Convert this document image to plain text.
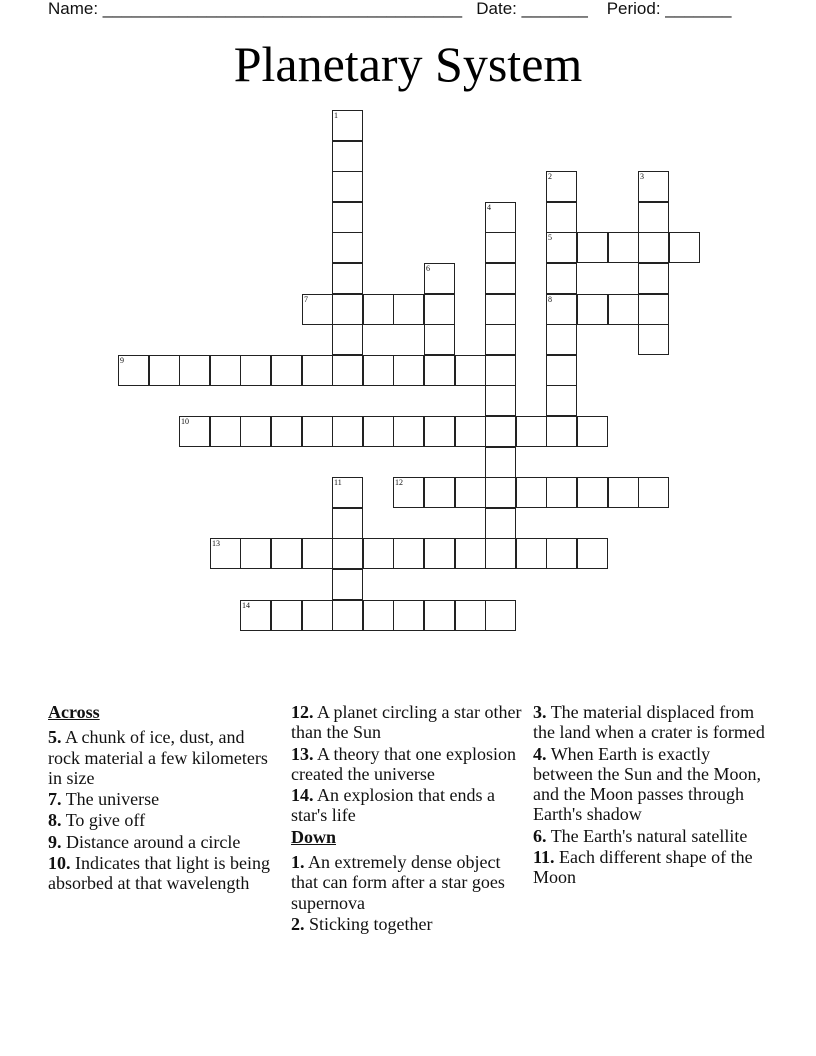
Name: ______________________________________ Date: _______ Period: _______
Planetary System
1
2
5
8
3
4
6
7
9
10
11	12
13
14
Across
5. A chunk of ice, dust, and rock material a few kilometers in size
7. The universe
8. To give off
9. Distance around a circle
10. Indicates that light is being absorbed at that wavelength
12. A planet circling a star other than the Sun
13. A theory that one explosion created the universe
14. An explosion that ends a star's life
Down
1. An extremely dense object that can form after a star goes supernova
2. Sticking together
3. The material displaced from the land when a crater is formed
4. When Earth is exactly between the Sun and the Moon, and the Moon passes through Earth's shadow
6. The Earth's natural satellite
11. Each different shape of the Moon
